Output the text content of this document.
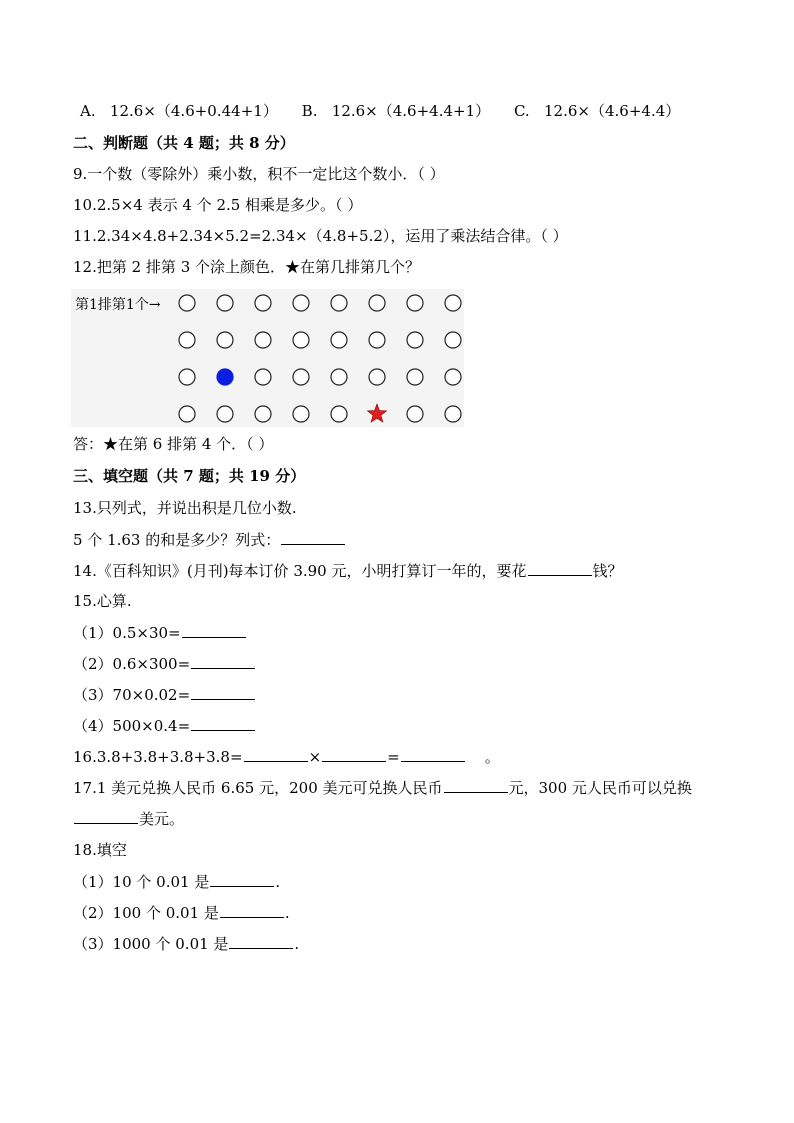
A. 12.6×（4.6+0.44+1） B. 12.6×（4.6+4.4+1） C. 12.6×（4.6+4.4）
二、判断题（共 4 题；共 8 分）
9.一个数（零除外）乘小数，积不一定比这个数小．（ ）
10.2.5×4 表示 4 个 2.5 相乘是多少。（ ）
11.2.34×4.8+2.34×5.2=2.34×（4.8+5.2），运用了乘法结合律。（ ）
12.把第 2 排第 3 个涂上颜色．★在第几排第几个？
第1排第1个→
答：★在第 6 排第 4 个．（ ）
三、填空题（共 7 题；共 19 分）
13.只列式，并说出积是几位小数.
5 个 1.63 的和是多少？列式：
14.《百科知识》(月刊)每本订价 3.90 元，小明打算订一年的，要花	钱？
15.心算.
（1）0.5×30=
（2）0.6×300=
（3）70×0.02=
（4）500×0.4=
16.3.8+3.8+3.8+3.8=	×	=	。
17.1 美元兑换人民币 6.65 元，200 美元可兑换人民币	元，300 元人民币可以兑换
美元。
18.填空
（1）10 个 0.01 是	.
（2）100 个 0.01 是	.
（3）1000 个 0.01 是	.
